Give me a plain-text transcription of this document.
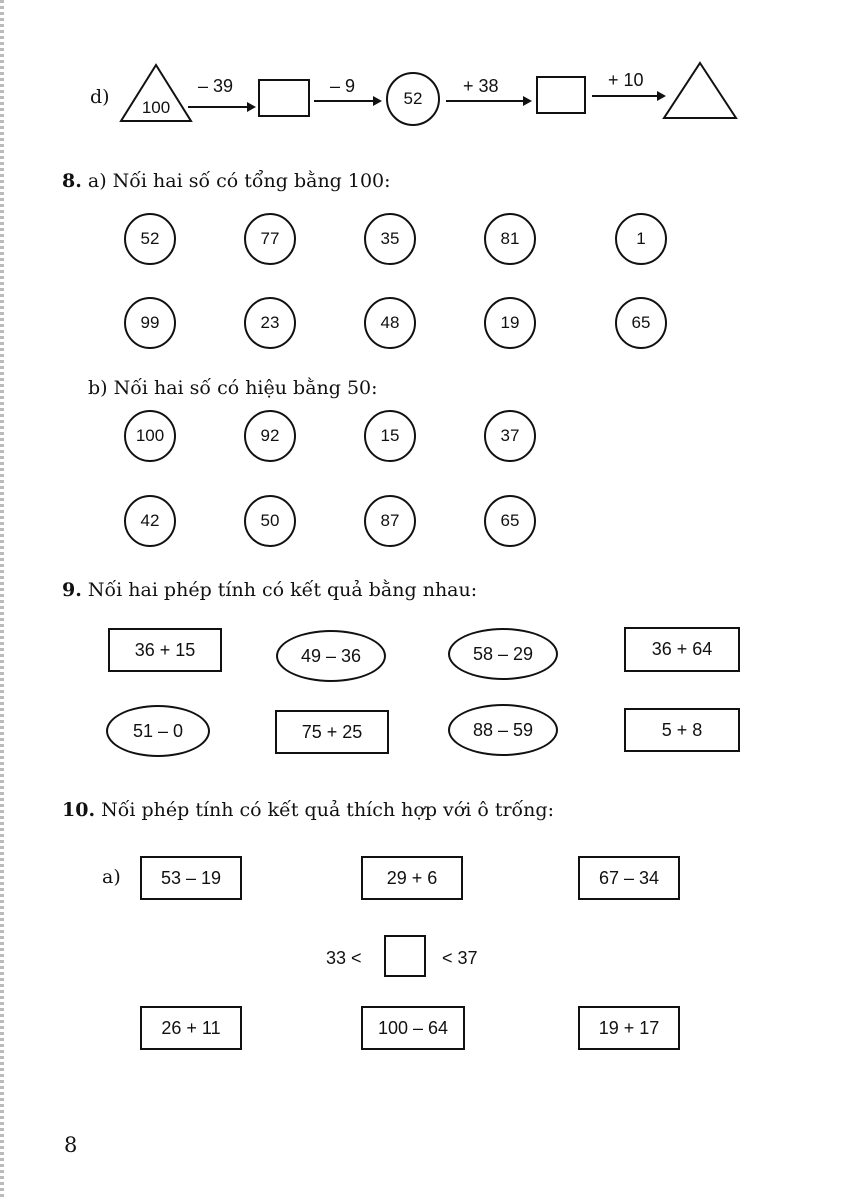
d)	100
– 39	– 9
52
+ 38	+ 10
8. a) Nối hai số có tổng bằng 100:
52	77	35	81	1
99	23	48	19	65
b) Nối hai số có hiệu bằng 50:
100	92	15	37
42	50	87	65
9. Nối hai phép tính có kết quả bằng nhau:
36 + 15	49 – 36	58 – 29	36 + 64
51 – 0	75 + 25	88 – 59	5 + 8
10. Nối phép tính có kết quả thích hợp với ô trống:
a)	53 – 19	29 + 6	67 – 34
33 <	< 37
26 + 11	100 – 64	19 + 17
8
